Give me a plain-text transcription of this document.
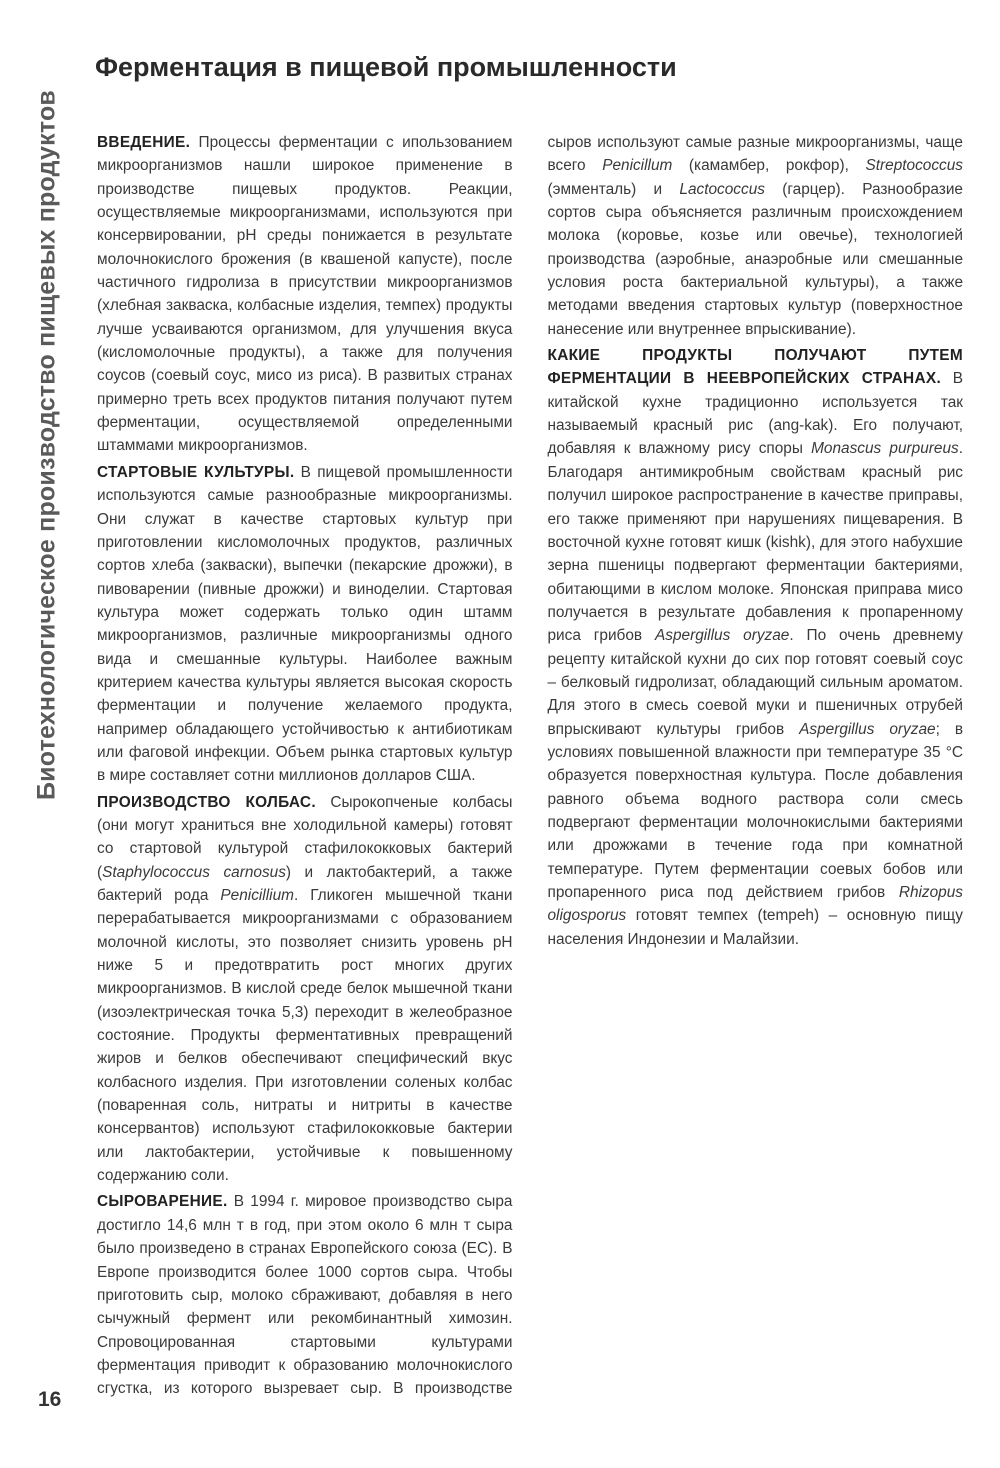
Биотехнологическое производство пищевых продуктов
Ферментация в пищевой промышленности

ВВЕДЕНИЕ. Процессы ферментации с ипользованием микроорганизмов нашли широкое применение в производстве пищевых продуктов. Реакции, осуществляемые микроорганизмами, используются при консервировании, pH среды понижается в результате молочнокислого брожения (в квашеной капусте), после частичного гидролиза в присутствии микроорганизмов (хлебная закваска, колбасные изделия, темпех) продукты лучше усваиваются организмом, для улучшения вкуса (кисломолочные продукты), а также для получения соусов (соевый соус, мисо из риса). В развитых странах примерно треть всех продуктов питания получают путем ферментации, осуществляемой определенными штаммами микроорганизмов.

СТАРТОВЫЕ КУЛЬТУРЫ. В пищевой промышленности используются самые разнообразные микроорганизмы. Они служат в качестве стартовых культур при приготовлении кисломолочных продуктов, различных сортов хлеба (закваски), выпечки (пекарские дрожжи), в пивоварении (пивные дрожжи) и виноделии. Стартовая культура может содержать только один штамм микроорганизмов, различные микроорганизмы одного вида и смешанные культуры. Наиболее важным критерием качества культуры является высокая скорость ферментации и получение желаемого продукта, например обладающего устойчивостью к антибиотикам или фаговой инфекции. Объем рынка стартовых культур в мире составляет сотни миллионов долларов США.

ПРОИЗВОДСТВО КОЛБАС. Сырокопченые колбасы (они могут храниться вне холодильной камеры) готовят со стартовой культурой стафилококковых бактерий (Staphylococcus carnosus) и лактобактерий, а также бактерий рода Penicillium. Гликоген мышечной ткани перерабатывается микроорганизмами с образованием молочной кислоты, это позволяет снизить уровень pH ниже 5 и предотвратить рост многих других микроорганизмов. В кислой среде белок мышечной ткани (изоэлектрическая точка 5,3) переходит в желеобразное состояние. Продукты ферментативных превращений жиров и белков обеспечивают специфический вкус колбасного изделия. При изготовлении соленых колбас (поваренная соль, нитраты и нитриты в качестве консервантов) используют стафилококковые бактерии или лактобактерии, устойчивые к повышенному содержанию соли.

СЫРОВАРЕНИЕ. В 1994 г. мировое производство сыра достигло 14,6 млн т в год, при этом около 6 млн т сыра было произведено в странах Европейского союза (ЕС). В Европе производится более 1000 сортов сыра. Чтобы приготовить сыр, молоко сбраживают, добавляя в него сычужный фермент или рекомбинантный химозин. Спровоцированная стартовыми культурами ферментация приводит к образованию молочнокислого сгустка, из которого вызревает сыр. В производстве сыров используют самые разные микроорганизмы, чаще всего Penicillum (камамбер, рокфор), Streptococcus (эмменталь) и Lactococcus (гарцер). Разнообразие сортов сыра объясняется различным происхождением молока (коровье, козье или овечье), технологией производства (аэробные, анаэробные или смешанные условия роста бактериальной культуры), а также методами введения стартовых культур (поверхностное нанесение или внутреннее впрыскивание).

КАКИЕ ПРОДУКТЫ ПОЛУЧАЮТ ПУТЕМ ФЕРМЕНТАЦИИ В НЕЕВРОПЕЙСКИХ СТРАНАХ. В китайской кухне традиционно используется так называемый красный рис (ang-kak). Его получают, добавляя к влажному рису споры Monascus purpureus. Благодаря антимикробным свойствам красный рис получил широкое распространение в качестве приправы, его также применяют при нарушениях пищеварения. В восточной кухне готовят кишк (kishk), для этого набухшие зерна пшеницы подвергают ферментации бактериями, обитающими в кислом молоке. Японская приправа мисо получается в результате добавления к пропаренному риса грибов Aspergillus oryzae. По очень древнему рецепту китайской кухни до сих пор готовят соевый соус – белковый гидролизат, обладающий сильным ароматом. Для этого в смесь соевой муки и пшеничных отрубей впрыскивают культуры грибов Aspergillus oryzae; в условиях повышенной влажности при температуре 35 °C образуется поверхностная культура. После добавления равного объема водного раствора соли смесь подвергают ферментации молочнокислыми бактериями или дрожжами в течение года при комнатной температуре. Путем ферментации соевых бобов или пропаренного риса под действием грибов Rhizopus oligosporus готовят темпех (tempeh) – основную пищу населения Индонезии и Малайзии.

16
